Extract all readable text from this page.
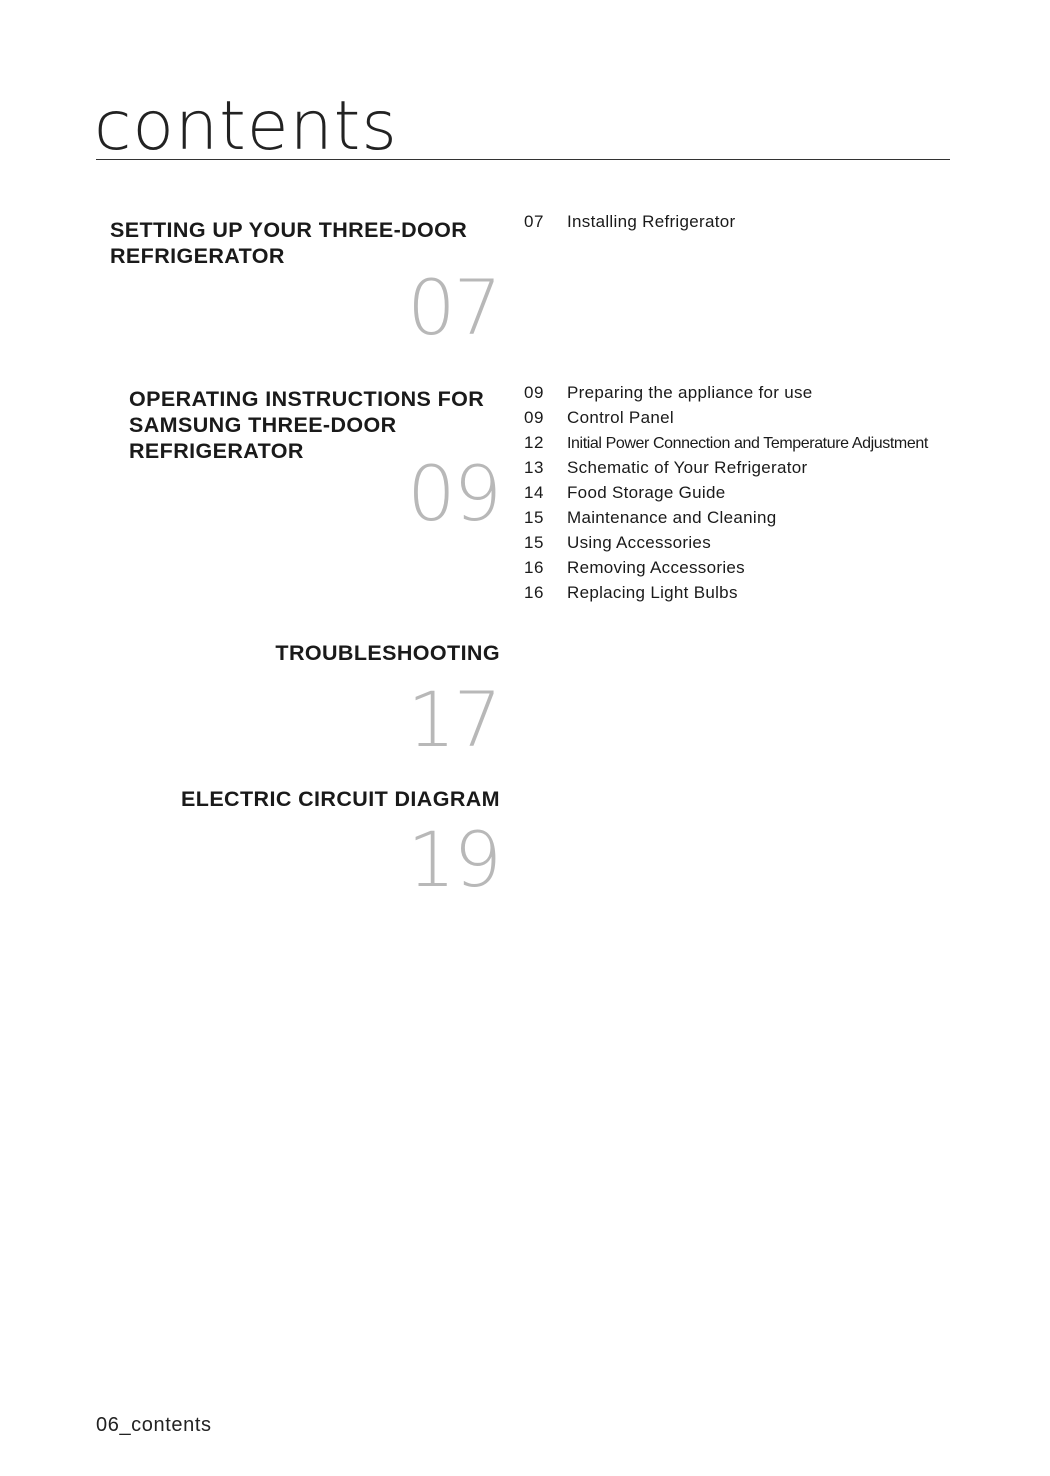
contents
SETTING UP YOUR THREE-DOOR
REFRIGERATOR
07
07	Installing Refrigerator
OPERATING INSTRUCTIONS FOR
SAMSUNG THREE-DOOR
REFRIGERATOR	09
09	Preparing the appliance for use
09	Control Panel
12	Initial Power Connection and Temperature Adjustment
13	Schematic of Your Refrigerator
14	Food Storage Guide
15	Maintenance and Cleaning
15	Using Accessories
16	Removing Accessories
16	Replacing Light Bulbs
TROUBLESHOOTING
17
ELECTRIC CIRCUIT DIAGRAM
19
06_contents
